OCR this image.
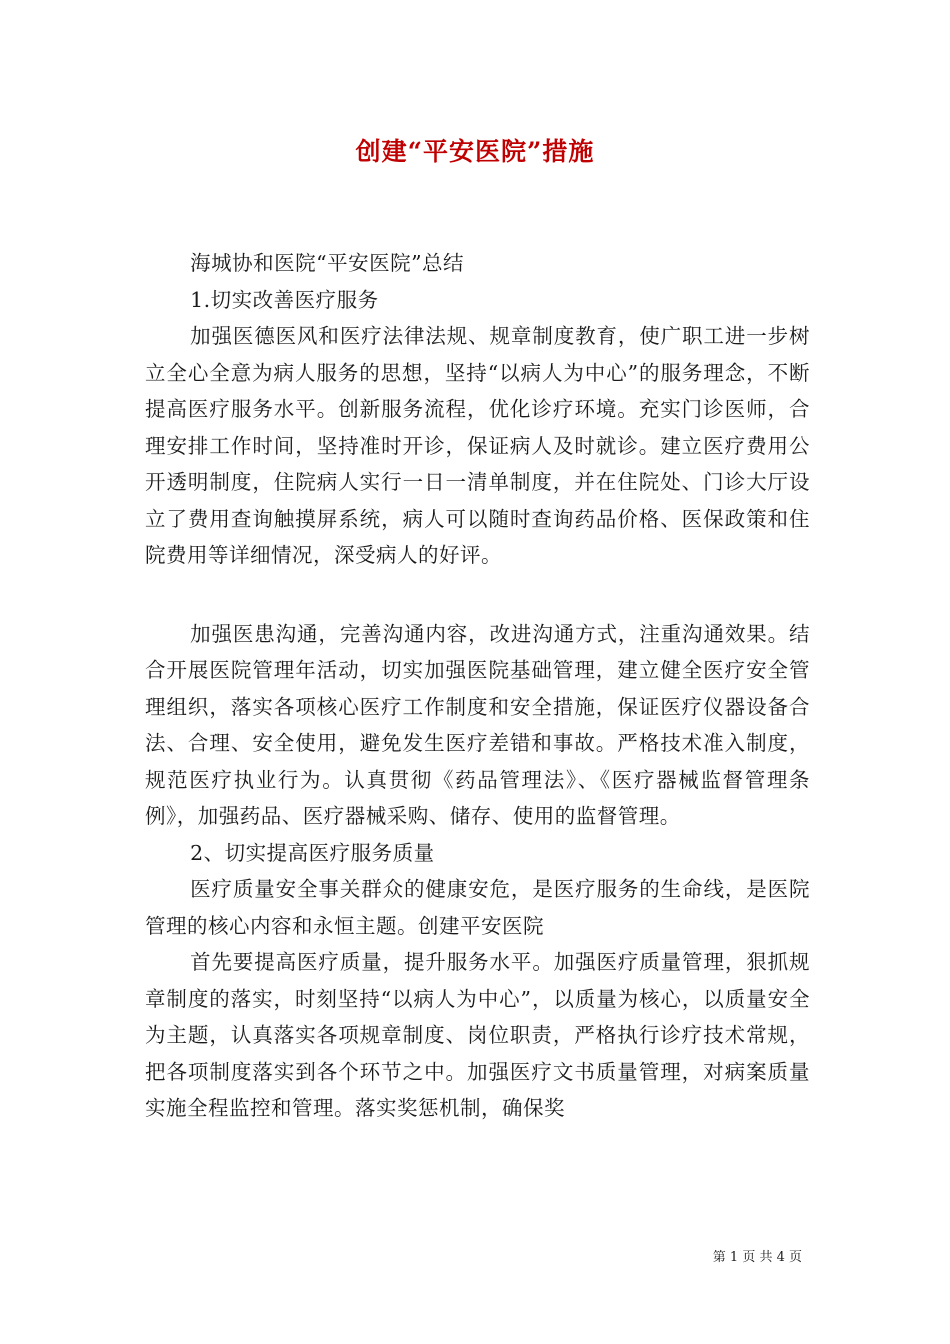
创建“平安医院”措施

海城协和医院“平安医院”总结

1.切实改善医疗服务

加强医德医风和医疗法律法规、规章制度教育，使广职工进一步树立全心全意为病人服务的思想，坚持“以病人为中心”的服务理念，不断提高医疗服务水平。创新服务流程，优化诊疗环境。充实门诊医师，合理安排工作时间，坚持准时开诊，保证病人及时就诊。建立医疗费用公开透明制度，住院病人实行一日一清单制度，并在住院处、门诊大厅设立了费用查询触摸屏系统，病人可以随时查询药品价格、医保政策和住院费用等详细情况，深受病人的好评。

加强医患沟通，完善沟通内容，改进沟通方式，注重沟通效果。结合开展医院管理年活动，切实加强医院基础管理，建立健全医疗安全管理组织，落实各项核心医疗工作制度和安全措施，保证医疗仪器设备合法、合理、安全使用，避免发生医疗差错和事故。严格技术准入制度，规范医疗执业行为。认真贯彻《药品管理法》、《医疗器械监督管理条例》，加强药品、医疗器械采购、储存、使用的监督管理。

2、切实提高医疗服务质量

医疗质量安全事关群众的健康安危，是医疗服务的生命线，是医院管理的核心内容和永恒主题。创建平安医院

首先要提高医疗质量，提升服务水平。加强医疗质量管理，狠抓规章制度的落实，时刻坚持“以病人为中心”，以质量为核心，以质量安全为主题，认真落实各项规章制度、岗位职责，严格执行诊疗技术常规，把各项制度落实到各个环节之中。加强医疗文书质量管理，对病案质量实施全程监控和管理。落实奖惩机制，确保奖

第 1 页 共 4 页
